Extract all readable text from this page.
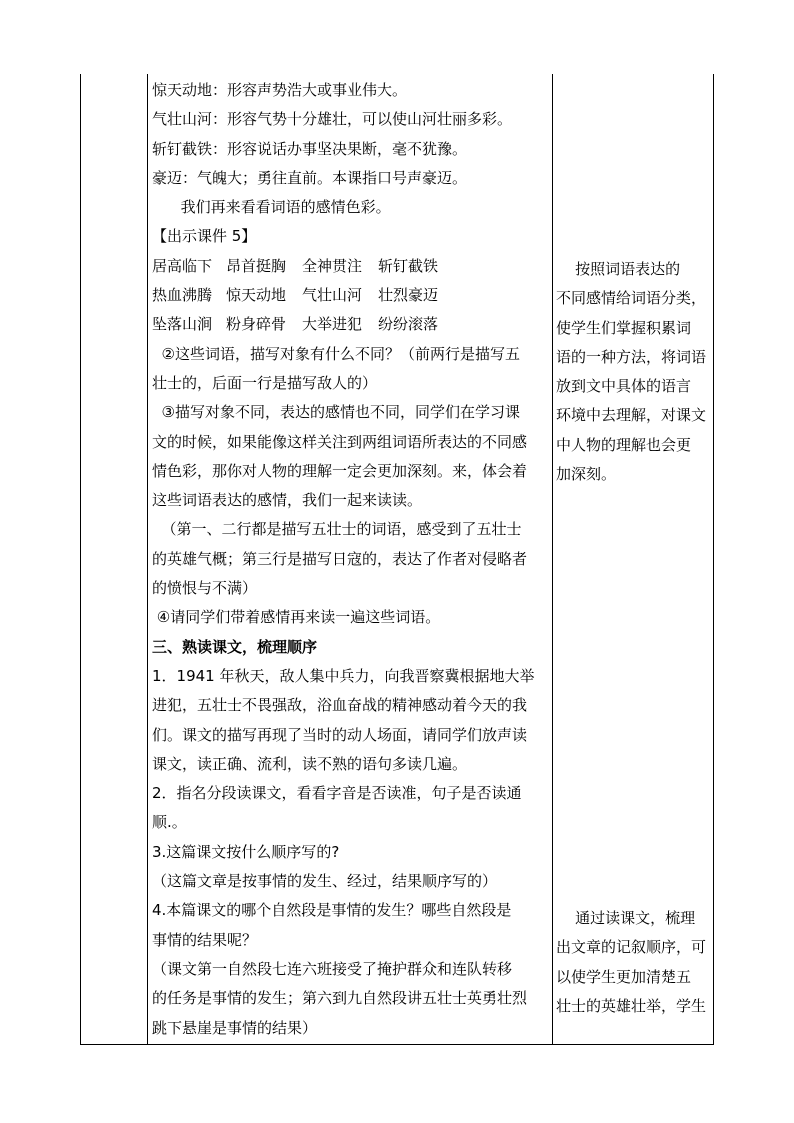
惊天动地：形容声势浩大或事业伟大。
气壮山河：形容气势十分雄壮，可以使山河壮丽多彩。
斩钉截铁：形容说话办事坚决果断，毫不犹豫。
豪迈：气魄大；勇往直前。本课指口号声豪迈。
我们再来看看词语的感情色彩。
【出示课件 5】
居高临下 昂首挺胸	全神贯注	斩钉截铁
热血沸腾 惊天动地	气壮山河	壮烈豪迈
坠落山涧 粉身碎骨	大举进犯	纷纷滚落
②这些词语，描写对象有什么不同？（前两行是描写五
壮士的，后面一行是描写敌人的）
③描写对象不同，表达的感情也不同，同学们在学习课
文的时候，如果能像这样关注到两组词语所表达的不同感
情色彩，那你对人物的理解一定会更加深刻。来，体会着
这些词语表达的感情，我们一起来读读。
（第一、二行都是描写五壮士的词语，感受到了五壮士
的英雄气概；第三行是描写日寇的，表达了作者对侵略者
的愤恨与不满）
④请同学们带着感情再来读一遍这些词语。
三、熟读课文，梳理顺序
1．1941 年秋天，敌人集中兵力，向我晋察冀根据地大举
进犯，五壮士不畏强敌，浴血奋战的精神感动着今天的我
们。课文的描写再现了当时的动人场面，请同学们放声读
课文，读正确、流利，读不熟的语句多读几遍。
2．指名分段读课文，看看字音是否读准，句子是否读通
顺.。
3.这篇课文按什么顺序写的?
（这篇文章是按事情的发生、经过，结果顺序写的）
4.本篇课文的哪个自然段是事情的发生？哪些自然段是
事情的结果呢？
（课文第一自然段七连六班接受了掩护群众和连队转移
的任务是事情的发生；第六到九自然段讲五壮士英勇壮烈
跳下悬崖是事情的结果）
按照词语表达的
不同感情给词语分类，
使学生们掌握积累词
语的一种方法，将词语
放到文中具体的语言
环境中去理解，对课文
中人物的理解也会更
加深刻。
通过读课文，梳理
出文章的记叙顺序，可
以使学生更加清楚五
壮士的英雄壮举，学生
